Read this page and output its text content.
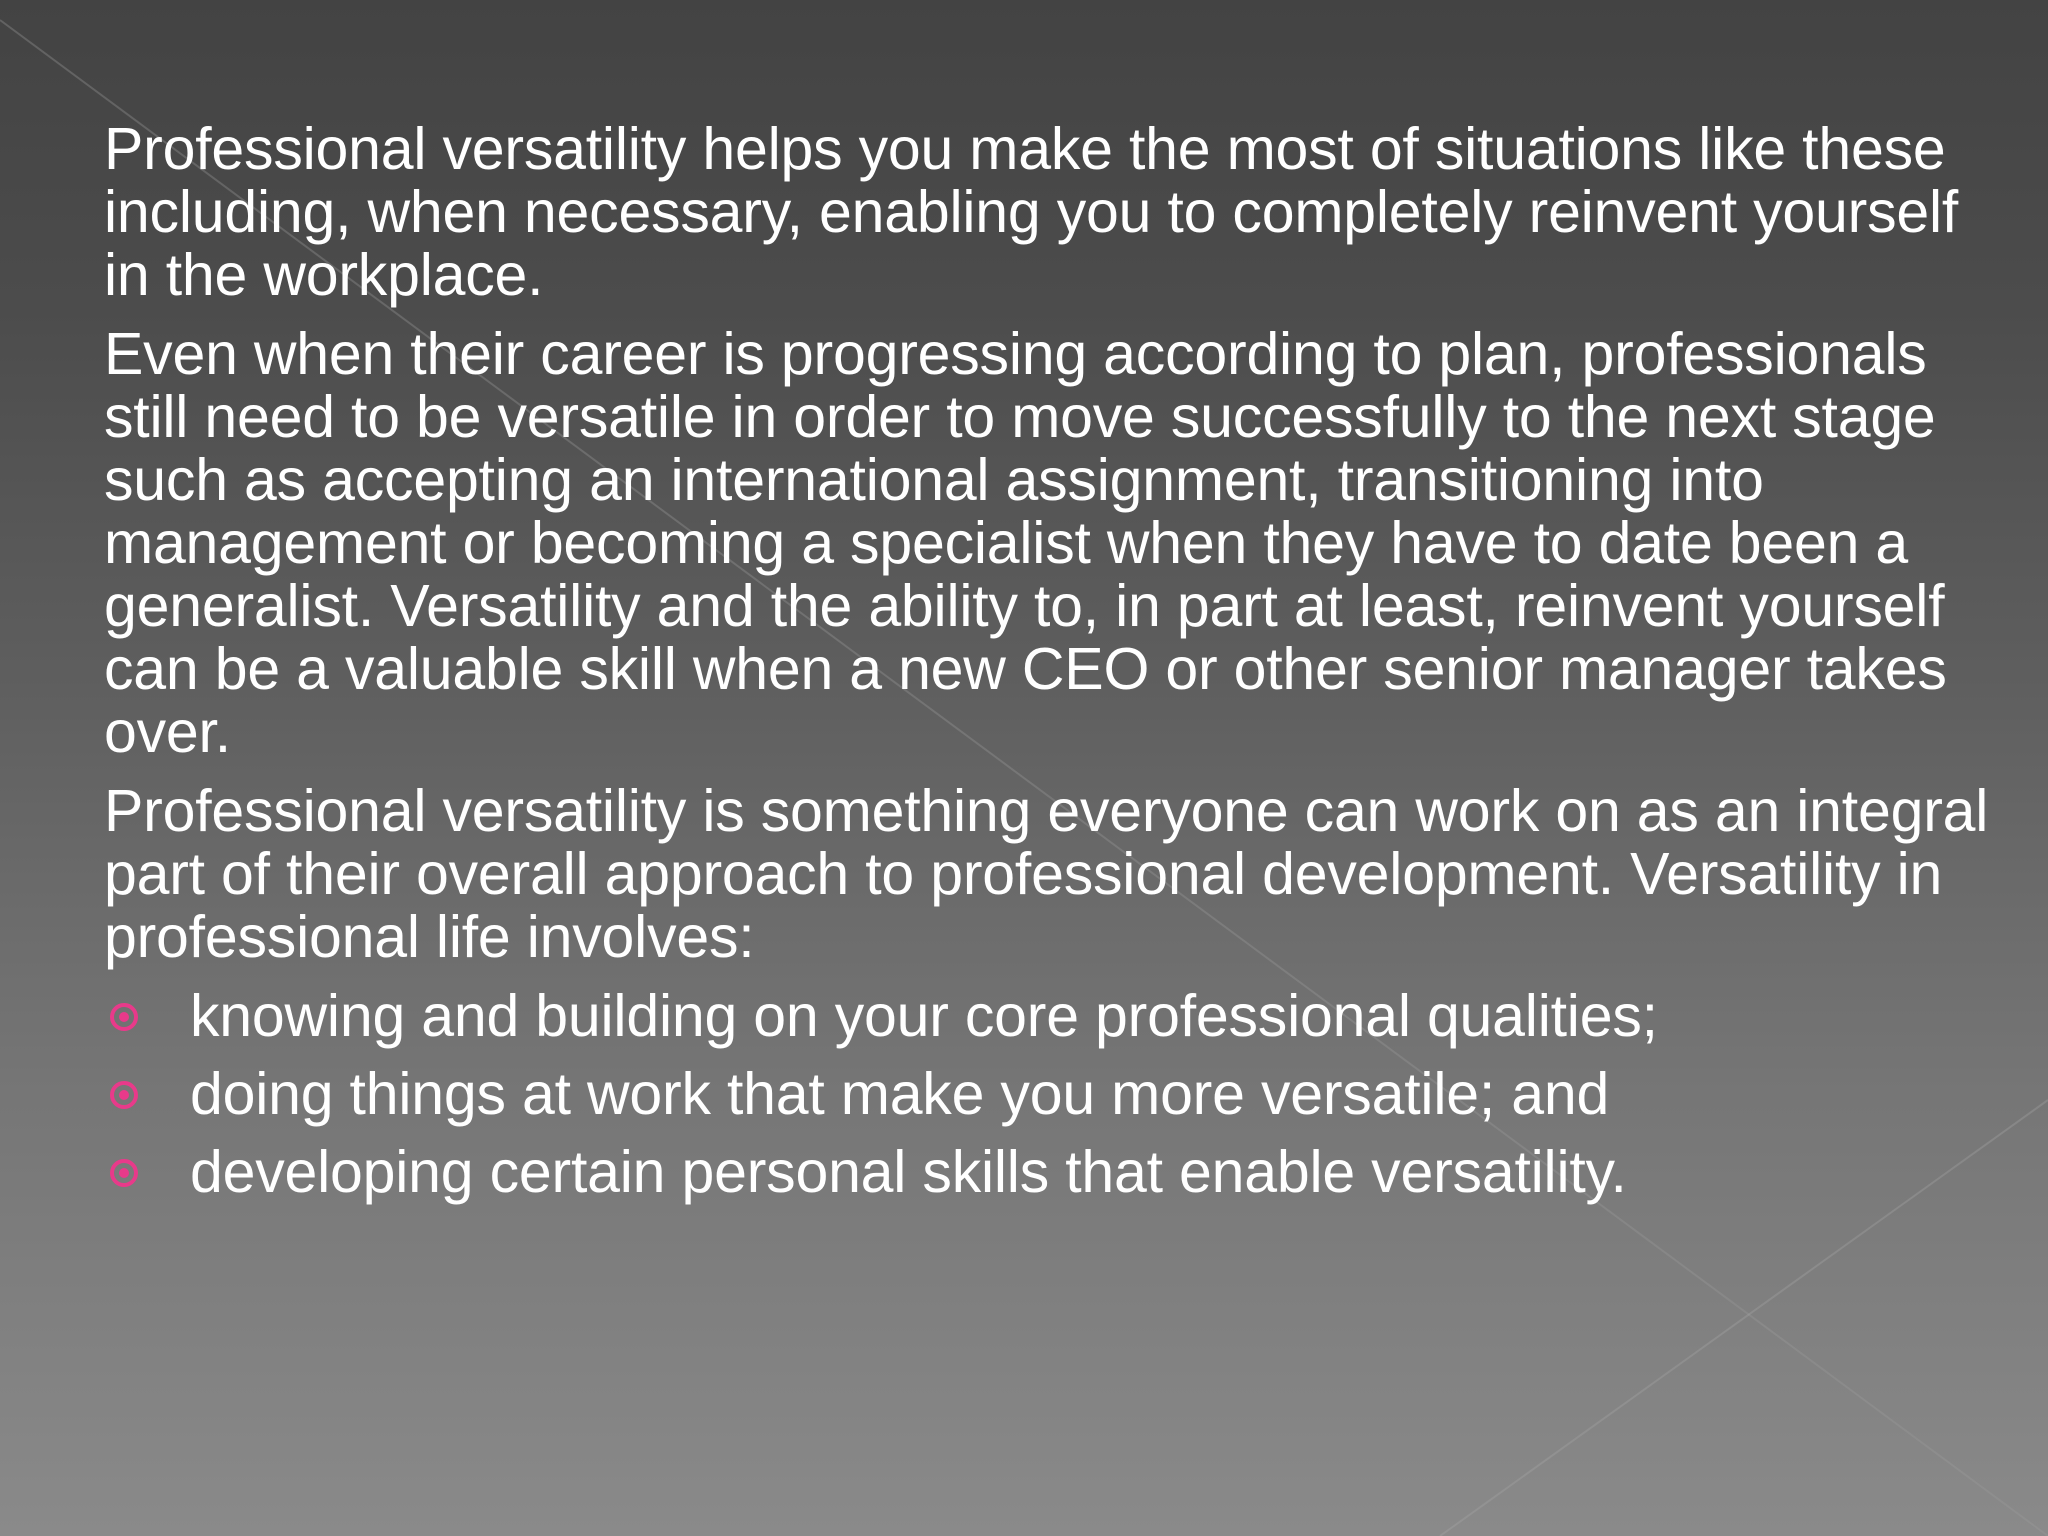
Professional versatility helps you make the most of situations like these including, when necessary, enabling you to completely reinvent yourself in the workplace.

Even when their career is progressing according to plan, professionals still need to be versatile in order to move successfully to the next stage such as accepting an international assignment, transitioning into management or becoming a specialist when they have to date been a generalist. Versatility and the ability to, in part at least, reinvent yourself can be a valuable skill when a new CEO or other senior manager takes over.

Professional versatility is something everyone can work on as an integral part of their overall approach to professional development. Versatility in professional life involves:

knowing and building on your core professional qualities;
doing things at work that make you more versatile; and
developing certain personal skills that enable versatility.
